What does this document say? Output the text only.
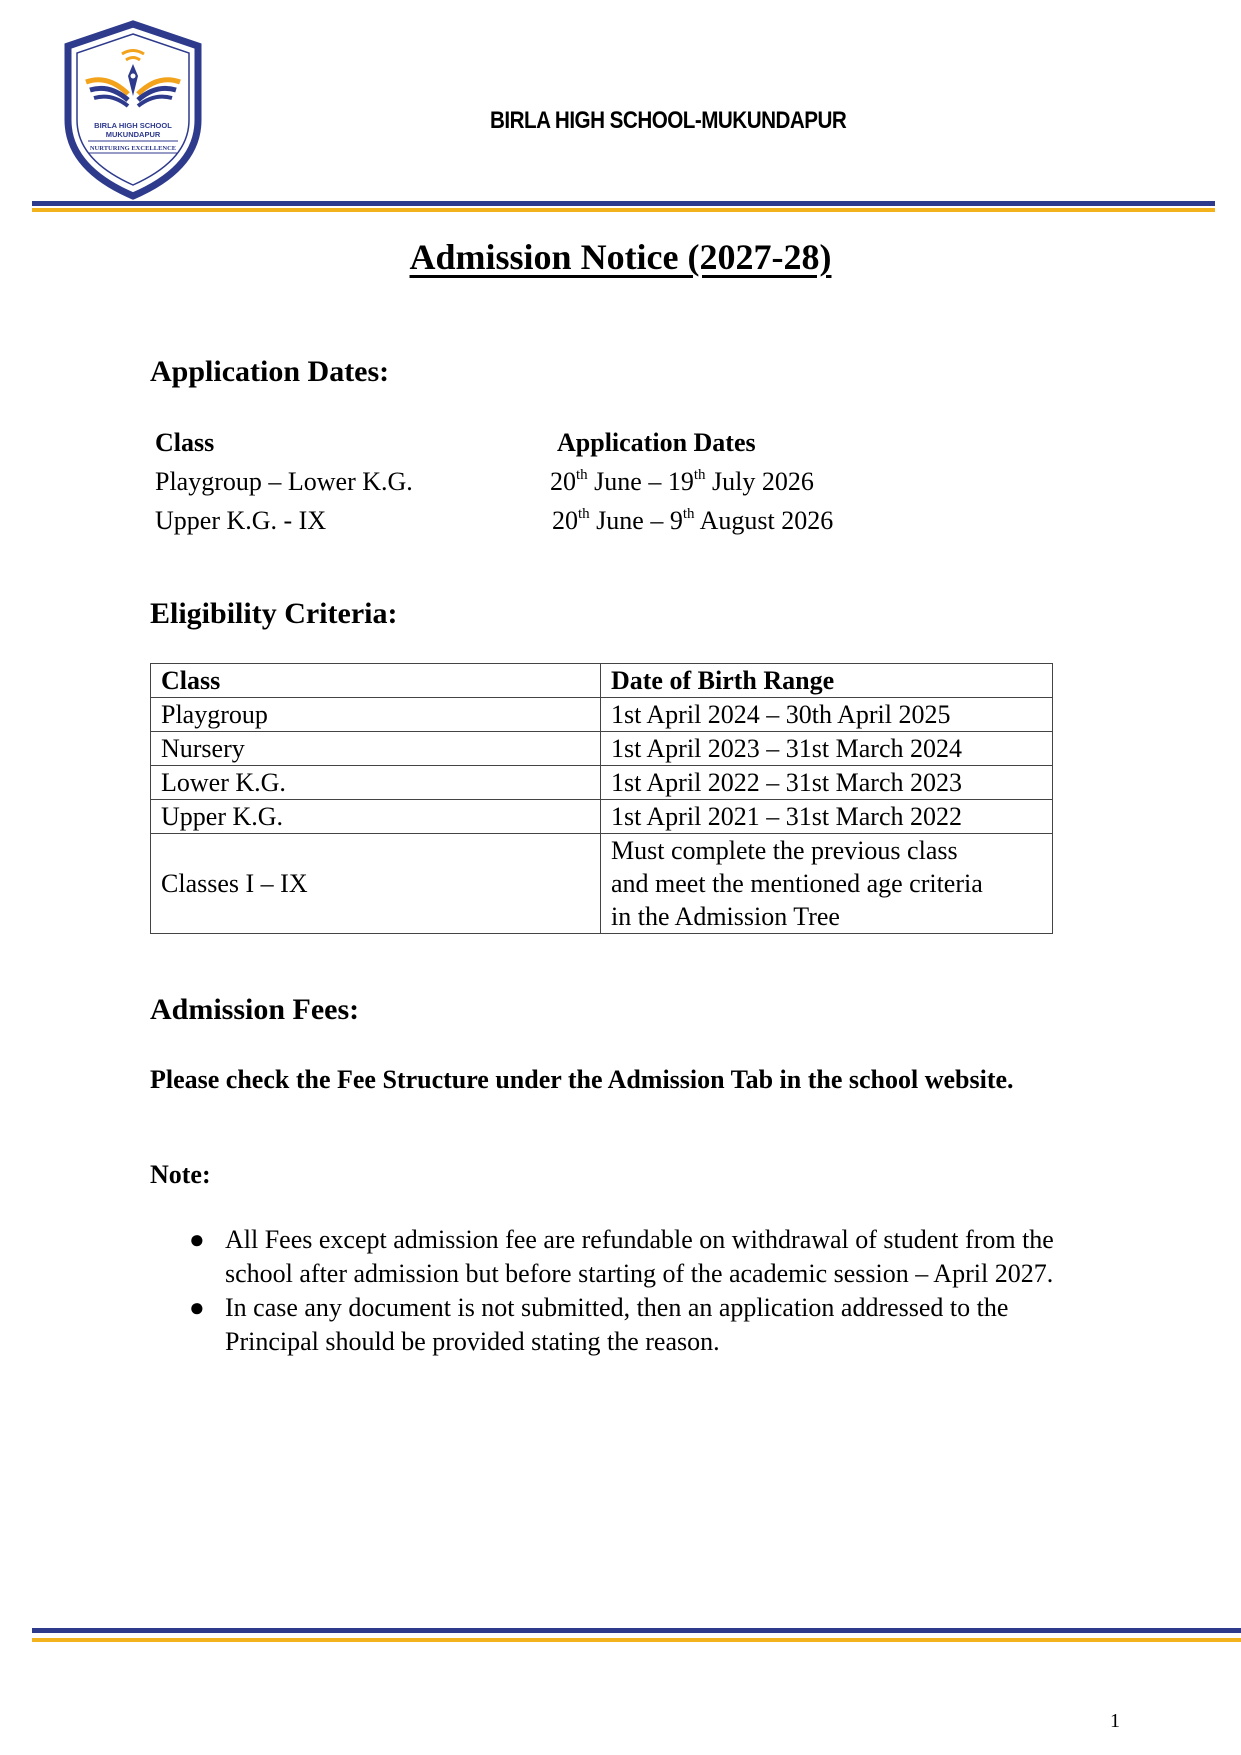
BIRLA HIGH SCHOOL
MUKUNDAPUR
NURTURING EXCELLENCE
BIRLA HIGH SCHOOL-MUKUNDAPUR
Admission Notice (2027-28)
Application Dates:
Class	Application Dates
Playgroup – Lower K.G.	20th June – 19th July 2026
Upper K.G. - IX	20th June – 9th August 2026
Eligibility Criteria:
Class	Date of Birth Range
Playgroup	1st April 2024 – 30th April 2025
Nursery	1st April 2023 – 31st March 2024
Lower K.G.	1st April 2022 – 31st March 2023
Upper K.G.	1st April 2021 – 31st March 2022
Classes I – IX	Must complete the previous class
and meet the mentioned age criteria
in the Admission Tree
Admission Fees:
Please check the Fee Structure under the Admission Tab in the school website.
Note:
● All Fees except admission fee are refundable on withdrawal of student from the school after admission but before starting of the academic session – April 2027.
● In case any document is not submitted, then an application addressed to the Principal should be provided stating the reason.
1
